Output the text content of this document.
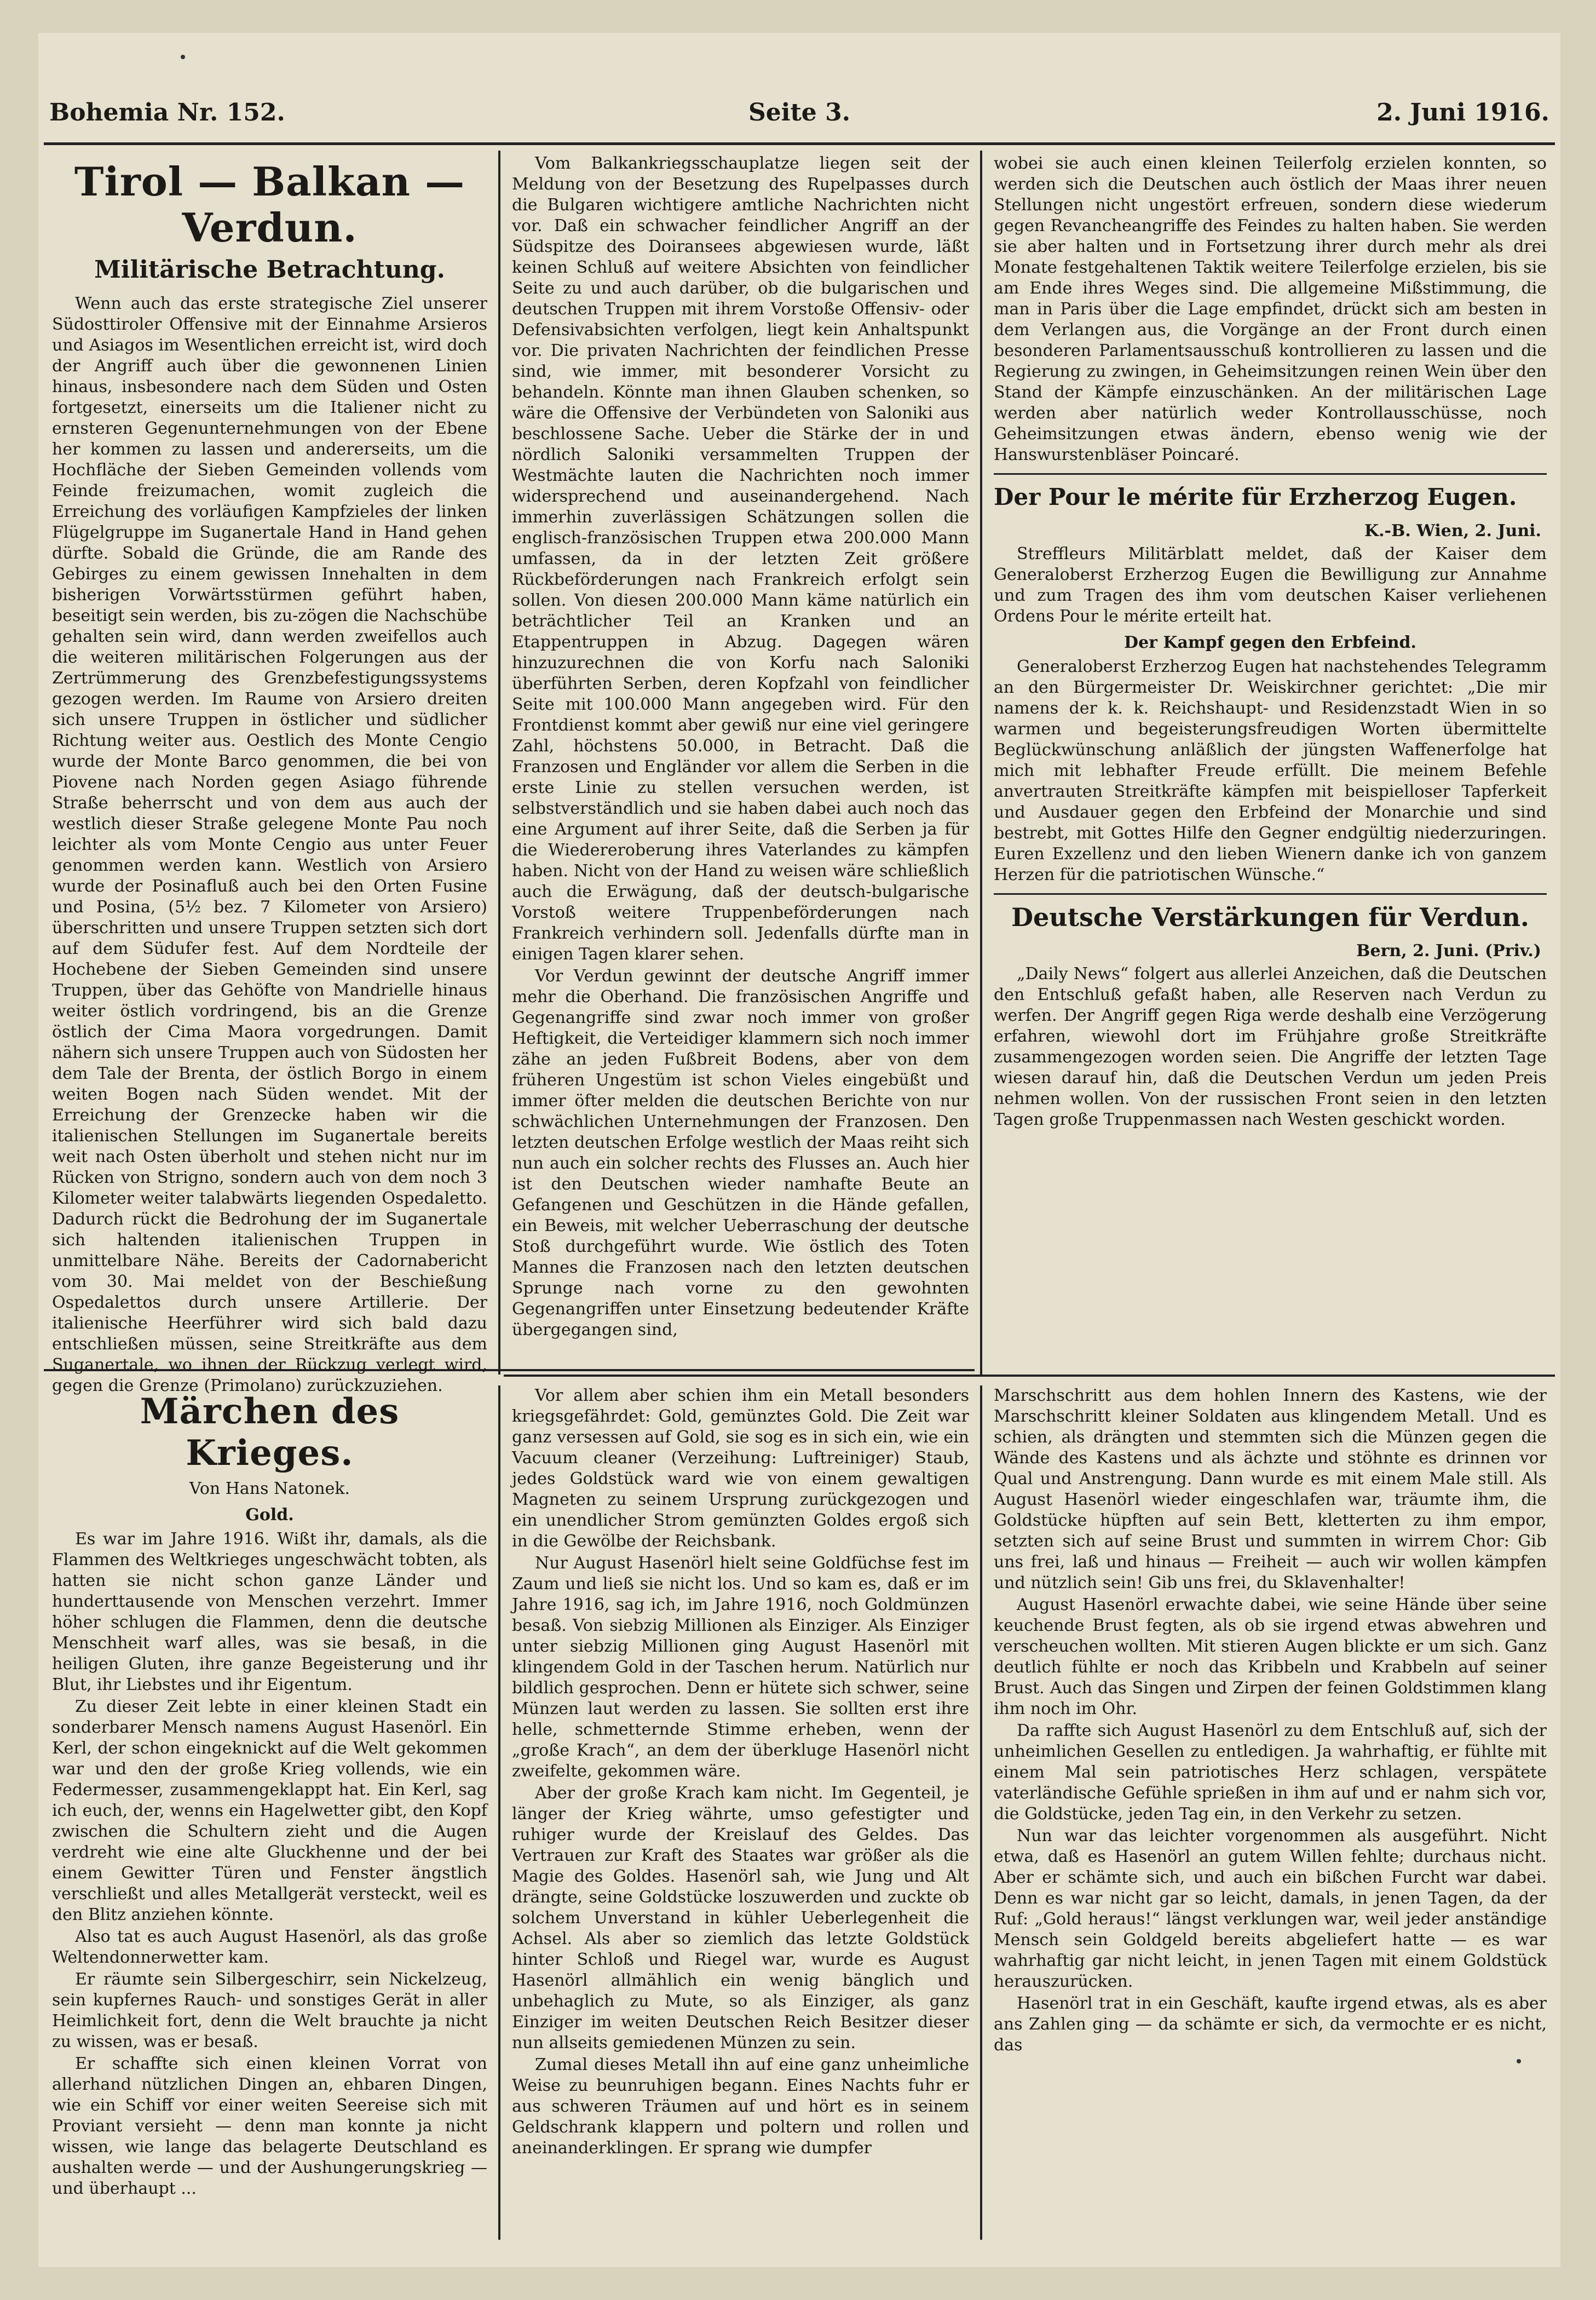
Bohemia Nr. 152.	Seite 3.	2. Juni 1916.
Tirol — Balkan — Verdun.
Militärische Betrachtung.

Wenn auch das erste strategische Ziel unserer Südosttiroler Offensive mit der Einnahme Arsieros und Asiagos im Wesentlichen erreicht ist, wird doch der Angriff auch über die gewonnenen Linien hinaus, insbesondere nach dem Süden und Osten fortgesetzt, einerseits um die Italiener nicht zu ernsteren Gegenunternehmungen von der Ebene her kommen zu lassen und andererseits, um die Hochfläche der Sieben Gemeinden vollends vom Feinde freizumachen, womit zugleich die Erreichung des vorläufigen Kampfzieles der linken Flügelgruppe im Suganertale Hand in Hand gehen dürfte. Sobald die Gründe, die am Rande des Gebirges zu einem gewissen Innehalten in dem bisherigen Vorwärtsstürmen geführt haben, beseitigt sein werden, bis zu-zögen die Nachschübe gehalten sein wird, dann werden zweifellos auch die weiteren militärischen Folgerungen aus der Zertrümmerung des Grenzbefestigungssystems gezogen werden. Im Raume von Arsiero dreiten sich unsere Truppen in östlicher und südlicher Richtung weiter aus. Oestlich des Monte Cengio wurde der Monte Barco genommen, die bei von Piovene nach Norden gegen Asiago führende Straße beherrscht und von dem aus auch der westlich dieser Straße gelegene Monte Pau noch leichter als vom Monte Cengio aus unter Feuer genommen werden kann. Westlich von Arsiero wurde der Posinafluß auch bei den Orten Fusine und Posina, (5½ bez. 7 Kilometer von Arsiero) überschritten und unsere Truppen setzten sich dort auf dem Südufer fest. Auf dem Nordteile der Hochebene der Sieben Gemeinden sind unsere Truppen, über das Gehöfte von Mandrielle hinaus weiter östlich vordringend, bis an die Grenze östlich der Cima Maora vorgedrungen. Damit nähern sich unsere Truppen auch von Südosten her dem Tale der Brenta, der östlich Borgo in einem weiten Bogen nach Süden wendet. Mit der Erreichung der Grenzecke haben wir die italienischen Stellungen im Suganertale bereits weit nach Osten überholt und stehen nicht nur im Rücken von Strigno, sondern auch von dem noch 3 Kilometer weiter talabwärts liegenden Ospedaletto. Dadurch rückt die Bedrohung der im Suganertale sich haltenden italienischen Truppen in unmittelbare Nähe. Bereits der Cadornabericht vom 30. Mai meldet von der Beschießung Ospedalettos durch unsere Artillerie. Der italienische Heerführer wird sich bald dazu entschließen müssen, seine Streitkräfte aus dem Suganertale, wo ihnen der Rückzug verlegt wird, gegen die Grenze (Primolano) zurückzuziehen.

Vom Balkankriegsschauplatze liegen seit der Meldung von der Besetzung des Rupelpasses durch die Bulgaren wichtigere amtliche Nachrichten nicht vor. Daß ein schwacher feindlicher Angriff an der Südspitze des Doiransees abgewiesen wurde, läßt keinen Schluß auf weitere Absichten von feindlicher Seite zu und auch darüber, ob die bulgarischen und deutschen Truppen mit ihrem Vorstoße Offensiv- oder Defensivabsichten verfolgen, liegt kein Anhaltspunkt vor. Die privaten Nachrichten der feindlichen Presse sind, wie immer, mit besonderer Vorsicht zu behandeln. Könnte man ihnen Glauben schenken, so wäre die Offensive der Verbündeten von Saloniki aus beschlossene Sache. Ueber die Stärke der in und nördlich Saloniki versammelten Truppen der Westmächte lauten die Nachrichten noch immer widersprechend und auseinandergehend. Nach immerhin zuverlässigen Schätzungen sollen die englisch-französischen Truppen etwa 200.000 Mann umfassen, da in der letzten Zeit größere Rückbeförderungen nach Frankreich erfolgt sein sollen. Von diesen 200.000 Mann käme natürlich ein beträchtlicher Teil an Kranken und an Etappentruppen in Abzug. Dagegen wären hinzuzurechnen die von Korfu nach Saloniki überführten Serben, deren Kopfzahl von feindlicher Seite mit 100.000 Mann angegeben wird. Für den Frontdienst kommt aber gewiß nur eine viel geringere Zahl, höchstens 50.000, in Betracht. Daß die Franzosen und Engländer vor allem die Serben in die erste Linie zu stellen versuchen werden, ist selbstverständlich und sie haben dabei auch noch das eine Argument auf ihrer Seite, daß die Serben ja für die Wiedereroberung ihres Vaterlandes zu kämpfen haben. Nicht von der Hand zu weisen wäre schließlich auch die Erwägung, daß der deutsch-bulgarische Vorstoß weitere Truppenbeförderungen nach Frankreich verhindern soll. Jedenfalls dürfte man in einigen Tagen klarer sehen.

Vor Verdun gewinnt der deutsche Angriff immer mehr die Oberhand. Die französischen Angriffe und Gegenangriffe sind zwar noch immer von großer Heftigkeit, die Verteidiger klammern sich noch immer zähe an jeden Fußbreit Bodens, aber von dem früheren Ungestüm ist schon Vieles eingebüßt und immer öfter melden die deutschen Berichte von nur schwächlichen Unternehmungen der Franzosen. Den letzten deutschen Erfolge westlich der Maas reiht sich nun auch ein solcher rechts des Flusses an. Auch hier ist den Deutschen wieder namhafte Beute an Gefangenen und Geschützen in die Hände gefallen, ein Beweis, mit welcher Ueberraschung der deutsche Stoß durchgeführt wurde. Wie östlich des Toten Mannes die Franzosen nach den letzten deutschen Sprunge nach vorne zu den gewohnten Gegenangriffen unter Einsetzung bedeutender Kräfte übergegangen sind,

wobei sie auch einen kleinen Teilerfolg erzielen konnten, so werden sich die Deutschen auch östlich der Maas ihrer neuen Stellungen nicht ungestört erfreuen, sondern diese wiederum gegen Revancheangriffe des Feindes zu halten haben. Sie werden sie aber halten und in Fortsetzung ihrer durch mehr als drei Monate festgehaltenen Taktik weitere Teilerfolge erzielen, bis sie am Ende ihres Weges sind. Die allgemeine Mißstimmung, die man in Paris über die Lage empfindet, drückt sich am besten in dem Verlangen aus, die Vorgänge an der Front durch einen besonderen Parlamentsausschuß kontrollieren zu lassen und die Regierung zu zwingen, in Geheimsitzungen reinen Wein über den Stand der Kämpfe einzuschänken. An der militärischen Lage werden aber natürlich weder Kontrollausschüsse, noch Geheimsitzungen etwas ändern, ebenso wenig wie der Hanswurstenbläser Poincaré.

Der Pour le mérite für Erzherzog Eugen.
K.-B. Wien, 2. Juni.

Streffleurs Militärblatt meldet, daß der Kaiser dem Generaloberst Erzherzog Eugen die Bewilligung zur Annahme und zum Tragen des ihm vom deutschen Kaiser verliehenen Ordens Pour le mérite erteilt hat.

Der Kampf gegen den Erbfeind.

Generaloberst Erzherzog Eugen hat nachstehendes Telegramm an den Bürgermeister Dr. Weiskirchner gerichtet: „Die mir namens der k. k. Reichshaupt- und Residenzstadt Wien in so warmen und begeisterungsfreudigen Worten übermittelte Beglückwünschung anläßlich der jüngsten Waffenerfolge hat mich mit lebhafter Freude erfüllt. Die meinem Befehle anvertrauten Streitkräfte kämpfen mit beispielloser Tapferkeit und Ausdauer gegen den Erbfeind der Monarchie und sind bestrebt, mit Gottes Hilfe den Gegner endgültig niederzuringen. Euren Exzellenz und den lieben Wienern danke ich von ganzem Herzen für die patriotischen Wünsche.“

Deutsche Verstärkungen für Verdun.
Bern, 2. Juni. (Priv.)

„Daily News“ folgert aus allerlei Anzeichen, daß die Deutschen den Entschluß gefaßt haben, alle Reserven nach Verdun zu werfen. Der Angriff gegen Riga werde deshalb eine Verzögerung erfahren, wiewohl dort im Frühjahre große Streitkräfte zusammengezogen worden seien. Die Angriffe der letzten Tage wiesen darauf hin, daß die Deutschen Verdun um jeden Preis nehmen wollen. Von der russischen Front seien in den letzten Tagen große Truppenmassen nach Westen geschickt worden.

Märchen des Krieges.
Von Hans Natonek.
Gold.

Es war im Jahre 1916. Wißt ihr, damals, als die Flammen des Weltkrieges ungeschwächt tobten, als hatten sie nicht schon ganze Länder und hunderttausende von Menschen verzehrt. Immer höher schlugen die Flammen, denn die deutsche Menschheit warf alles, was sie besaß, in die heiligen Gluten, ihre ganze Begeisterung und ihr Blut, ihr Liebstes und ihr Eigentum.

Zu dieser Zeit lebte in einer kleinen Stadt ein sonderbarer Mensch namens August Hasenörl. Ein Kerl, der schon eingeknickt auf die Welt gekommen war und den der große Krieg vollends, wie ein Federmesser, zusammengeklappt hat. Ein Kerl, sag ich euch, der, wenns ein Hagelwetter gibt, den Kopf zwischen die Schultern zieht und die Augen verdreht wie eine alte Gluckhenne und der bei einem Gewitter Türen und Fenster ängstlich verschließt und alles Metallgerät versteckt, weil es den Blitz anziehen könnte.

Also tat es auch August Hasenörl, als das große Weltendonnerwetter kam.

Er räumte sein Silbergeschirr, sein Nickelzeug, sein kupfernes Rauch- und sonstiges Gerät in aller Heimlichkeit fort, denn die Welt brauchte ja nicht zu wissen, was er besaß.

Er schaffte sich einen kleinen Vorrat von allerhand nützlichen Dingen an, ehbaren Dingen, wie ein Schiff vor einer weiten Seereise sich mit Proviant versieht — denn man konnte ja nicht wissen, wie lange das belagerte Deutschland es aushalten werde — und der Aushungerungskrieg — und überhaupt ...

Vor allem aber schien ihm ein Metall besonders kriegsgefährdet: Gold, gemünztes Gold. Die Zeit war ganz versessen auf Gold, sie sog es in sich ein, wie ein Vacuum cleaner (Verzeihung: Luftreiniger) Staub, jedes Goldstück ward wie von einem gewaltigen Magneten zu seinem Ursprung zurückgezogen und ein unendlicher Strom gemünzten Goldes ergoß sich in die Gewölbe der Reichsbank.

Nur August Hasenörl hielt seine Goldfüchse fest im Zaum und ließ sie nicht los. Und so kam es, daß er im Jahre 1916, sag ich, im Jahre 1916, noch Goldmünzen besaß. Von siebzig Millionen als Einziger. Als Einziger unter siebzig Millionen ging August Hasenörl mit klingendem Gold in der Taschen herum. Natürlich nur bildlich gesprochen. Denn er hütete sich schwer, seine Münzen laut werden zu lassen. Sie sollten erst ihre helle, schmetternde Stimme erheben, wenn der „große Krach“, an dem der überkluge Hasenörl nicht zweifelte, gekommen wäre.

Aber der große Krach kam nicht. Im Gegenteil, je länger der Krieg währte, umso gefestigter und ruhiger wurde der Kreislauf des Geldes. Das Vertrauen zur Kraft des Staates war größer als die Magie des Goldes. Hasenörl sah, wie Jung und Alt drängte, seine Goldstücke loszuwerden und zuckte ob solchem Unverstand in kühler Ueberlegenheit die Achsel. Als aber so ziemlich das letzte Goldstück hinter Schloß und Riegel war, wurde es August Hasenörl allmählich ein wenig bänglich und unbehaglich zu Mute, so als Einziger, als ganz Einziger im weiten Deutschen Reich Besitzer dieser nun allseits gemiedenen Münzen zu sein.

Zumal dieses Metall ihn auf eine ganz unheimliche Weise zu beunruhigen begann. Eines Nachts fuhr er aus schweren Träumen auf und hört es in seinem Geldschrank klappern und poltern und rollen und aneinanderklingen. Er sprang wie dumpfer

Marschschritt aus dem hohlen Innern des Kastens, wie der Marschschritt kleiner Soldaten aus klingendem Metall. Und es schien, als drängten und stemmten sich die Münzen gegen die Wände des Kastens und als ächzte und stöhnte es drinnen vor Qual und Anstrengung. Dann wurde es mit einem Male still. Als August Hasenörl wieder eingeschlafen war, träumte ihm, die Goldstücke hüpften auf sein Bett, kletterten zu ihm empor, setzten sich auf seine Brust und summten in wirrem Chor: Gib uns frei, laß und hinaus — Freiheit — auch wir wollen kämpfen und nützlich sein! Gib uns frei, du Sklavenhalter!

August Hasenörl erwachte dabei, wie seine Hände über seine keuchende Brust fegten, als ob sie irgend etwas abwehren und verscheuchen wollten. Mit stieren Augen blickte er um sich. Ganz deutlich fühlte er noch das Kribbeln und Krabbeln auf seiner Brust. Auch das Singen und Zirpen der feinen Goldstimmen klang ihm noch im Ohr.

Da raffte sich August Hasenörl zu dem Entschluß auf, sich der unheimlichen Gesellen zu entledigen. Ja wahrhaftig, er fühlte mit einem Mal sein patriotisches Herz schlagen, verspätete vaterländische Gefühle sprießen in ihm auf und er nahm sich vor, die Goldstücke, jeden Tag ein, in den Verkehr zu setzen.

Nun war das leichter vorgenommen als ausgeführt. Nicht etwa, daß es Hasenörl an gutem Willen fehlte; durchaus nicht. Aber er schämte sich, und auch ein bißchen Furcht war dabei. Denn es war nicht gar so leicht, damals, in jenen Tagen, da der Ruf: „Gold heraus!“ längst verklungen war, weil jeder anständige Mensch sein Goldgeld bereits abgeliefert hatte — es war wahrhaftig gar nicht leicht, in jenen Tagen mit einem Goldstück herauszurücken.

Hasenörl trat in ein Geschäft, kaufte irgend etwas, als es aber ans Zahlen ging — da schämte er sich, da vermochte er es nicht, das
